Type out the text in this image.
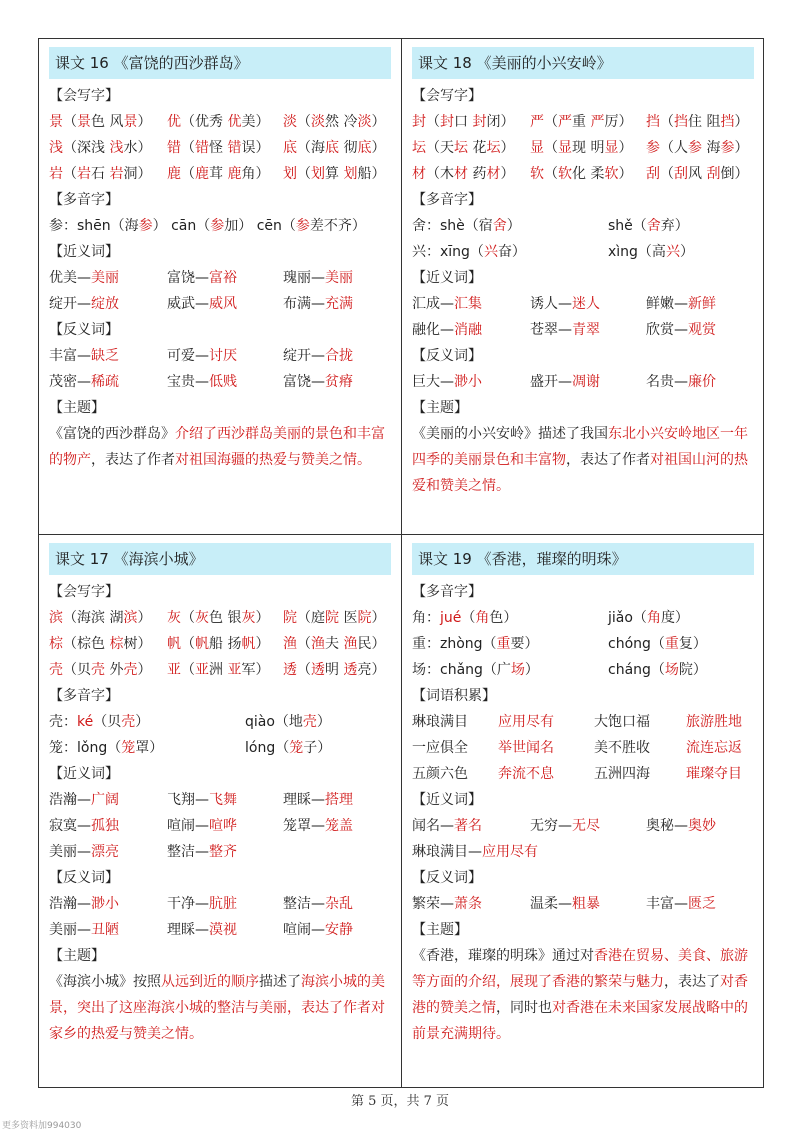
课文 16 《富饶的西沙群岛》
【会写字】
景（景色 风景） 优（优秀 优美） 淡（淡然 冷淡）
浅（深浅 浅水） 错（错怪 错误） 底（海底 彻底）
岩（岩石 岩洞） 鹿（鹿茸 鹿角） 划（划算 划船）
【多音字】
参：shēn（海参） cān（参加） cēn（参差不齐）
【近义词】
优美—美丽	富饶—富裕	瑰丽—美丽
绽开—绽放	威武—威风	布满—充满
【反义词】
丰富—缺乏	可爱—讨厌	绽开—合拢
茂密—稀疏	宝贵—低贱	富饶—贫瘠
【主题】
《富饶的西沙群岛》介绍了西沙群岛美丽的景色和丰富的物产，表达了作者对祖国海疆的热爱与赞美之情。
课文 18 《美丽的小兴安岭》
【会写字】
封（封口 封闭） 严（严重 严厉） 挡（挡住 阻挡）
坛（天坛 花坛） 显（显现 明显） 参（人参 海参）
材（木材 药材） 软（软化 柔软） 刮（刮风 刮倒）
【多音字】
舍：shè（宿舍）	shě（舍弃）
兴：xīng（兴奋）	xìng（高兴）
【近义词】
汇成—汇集	诱人—迷人	鲜嫩—新鲜
融化—消融	苍翠—青翠	欣赏—观赏
【反义词】
巨大—渺小	盛开—凋谢	名贵—廉价
【主题】
《美丽的小兴安岭》描述了我国东北小兴安岭地区一年四季的美丽景色和丰富物，表达了作者对祖国山河的热爱和赞美之情。
课文 17 《海滨小城》
【会写字】
滨（海滨 湖滨） 灰（灰色 银灰） 院（庭院 医院）
棕（棕色 棕树） 帆（帆船 扬帆） 渔（渔夫 渔民）
壳（贝壳 外壳） 亚（亚洲 亚军） 透（透明 透亮）
【多音字】
壳：ké（贝壳）	qiào（地壳）
笼：lǒng（笼罩）	lóng（笼子）
【近义词】
浩瀚—广阔	飞翔—飞舞	理睬—搭理
寂寞—孤独	喧闹—喧哗	笼罩—笼盖
美丽—漂亮	整洁—整齐
【反义词】
浩瀚—渺小	干净—肮脏	整洁—杂乱
美丽—丑陋	理睬—漠视	喧闹—安静
【主题】
《海滨小城》按照从远到近的顺序描述了海滨小城的美景，突出了这座海滨小城的整洁与美丽，表达了作者对家乡的热爱与赞美之情。
课文 19 《香港，璀璨的明珠》
【多音字】
角：jué（角色）	jiǎo（角度）
重：zhòng（重要）	chóng（重复）
场：chǎng（广场）	cháng（场院）
【词语积累】
琳琅满目 应用尽有	大饱口福	旅游胜地
一应俱全 举世闻名	美不胜收	流连忘返
五颜六色 奔流不息	五洲四海	璀璨夺目
【近义词】
闻名—著名	无穷—无尽	奥秘—奥妙
琳琅满目—应用尽有
【反义词】
繁荣—萧条	温柔—粗暴	丰富—匮乏
【主题】
《香港，璀璨的明珠》通过对香港在贸易、美食、旅游等方面的介绍，展现了香港的繁荣与魅力，表达了对香港的赞美之情，同时也对香港在未来国家发展战略中的前景充满期待。
第 5 页，共 7 页
更多资料加994030
